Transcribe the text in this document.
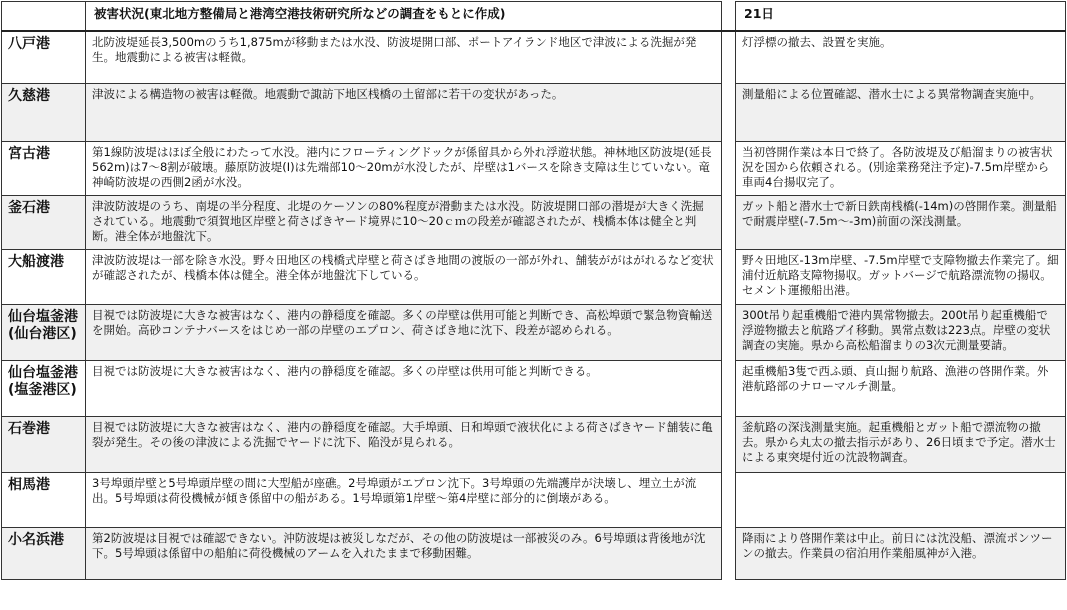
	被害状況(東北地方整備局と港湾空港技術研究所などの調査をもとに作成)		21日
八戸港	北防波堤延長3,500mのうち1,875mが移動または水没、防波堤開口部、ポートアイランド地区で津波による洗掘が発生。地震動による被害は軽微。		灯浮標の撤去、設置を実施。
久慈港	津波による構造物の被害は軽微。地震動で諏訪下地区桟橋の土留部に若干の変状があった。		測量船による位置確認、潜水士による異常物調査実施中。
宮古港	第1線防波堤はほぼ全般にわたって水没。港内にフローティングドックが係留具から外れ浮遊状態。神林地区防波堤(延長562m)は7〜8割が破壊。藤原防波堤(Ⅰ)は先端部10〜20mが水没したが、岸壁は1バースを除き支障は生じていない。竜神崎防波堤の西側2函が水没。		当初啓開作業は本日で終了。各防波堤及び船溜まりの被害状況を国から依頼される。(別途業務発注予定)-7.5m岸壁から車両4台揚収完了。
釜石港	津波防波堤のうち、南堤の半分程度、北堤のケーソンの80%程度が滑動または水没。防波堤開口部の潜堤が大きく洗掘されている。地震動で須賀地区岸壁と荷さばきヤード境界に10〜20ｃｍの段差が確認されたが、桟橋本体は健全と判断。港全体が地盤沈下。		ガット船と潜水士で新日鉄南桟橋(-14m)の啓開作業。測量船で耐震岸壁(-7.5m〜-3m)前面の深浅測量。
大船渡港	津波防波堤は一部を除き水没。野々田地区の桟橋式岸壁と荷さばき地間の渡版の一部が外れ、舗装ががはがれるなど変状が確認されたが、桟橋本体は健全。港全体が地盤沈下している。		野々田地区-13m岸壁、-7.5m岸壁で支障物撤去作業完了。細浦付近航路支障物揚収。ガットバージで航路漂流物の揚収。セメント運搬船出港。
仙台塩釜港
(仙台港区)	目視では防波堤に大きな被害はなく、港内の静穏度を確認。多くの岸壁は供用可能と判断でき、高松埠頭で緊急物資輸送を開始。高砂コンテナバースをはじめ一部の岸壁のエプロン、荷さばき地に沈下、段差が認められる。		300t吊り起重機船で港内異常物撤去。200t吊り起重機船で浮遊物撤去と航路ブイ移動。異常点数は223点。岸壁の変状調査の実施。県から高松船溜まりの3次元測量要請。
仙台塩釜港
(塩釜港区)	目視では防波堤に大きな被害はなく、港内の静穏度を確認。多くの岸壁は供用可能と判断できる。		起重機船3隻で西ふ頭、貞山掘り航路、漁港の啓開作業。外港航路部のナローマルチ測量。
石巻港	目視では防波堤に大きな被害はなく、港内の静穏度を確認。大手埠頭、日和埠頭で液状化による荷さばきヤード舗装に亀裂が発生。その後の津波による洗掘でヤードに沈下、陥没が見られる。		釜航路の深浅測量実施。起重機船とガット船で漂流物の撤去。県から丸太の撤去指示があり、26日頃まで予定。潜水士による東突堤付近の沈設物調査。
相馬港	3号埠頭岸壁と5号埠頭岸壁の間に大型船が座礁。2号埠頭がエプロン沈下。3号埠頭の先端護岸が決壊し、埋立土が流出。5号埠頭は荷役機械が傾き係留中の船がある。1号埠頭第1岸壁〜第4岸壁に部分的に倒壊がある。		
小名浜港	第2防波堤は目視では確認できない。沖防波堤は被災しなだが、その他の防波堤は一部被災のみ。6号埠頭は背後地が沈下。5号埠頭は係留中の船舶に荷役機械のアームを入れたままで移動困難。		降雨により啓開作業は中止。前日には沈没船、漂流ポンツーンの撤去。作業員の宿泊用作業船風神が入港。
